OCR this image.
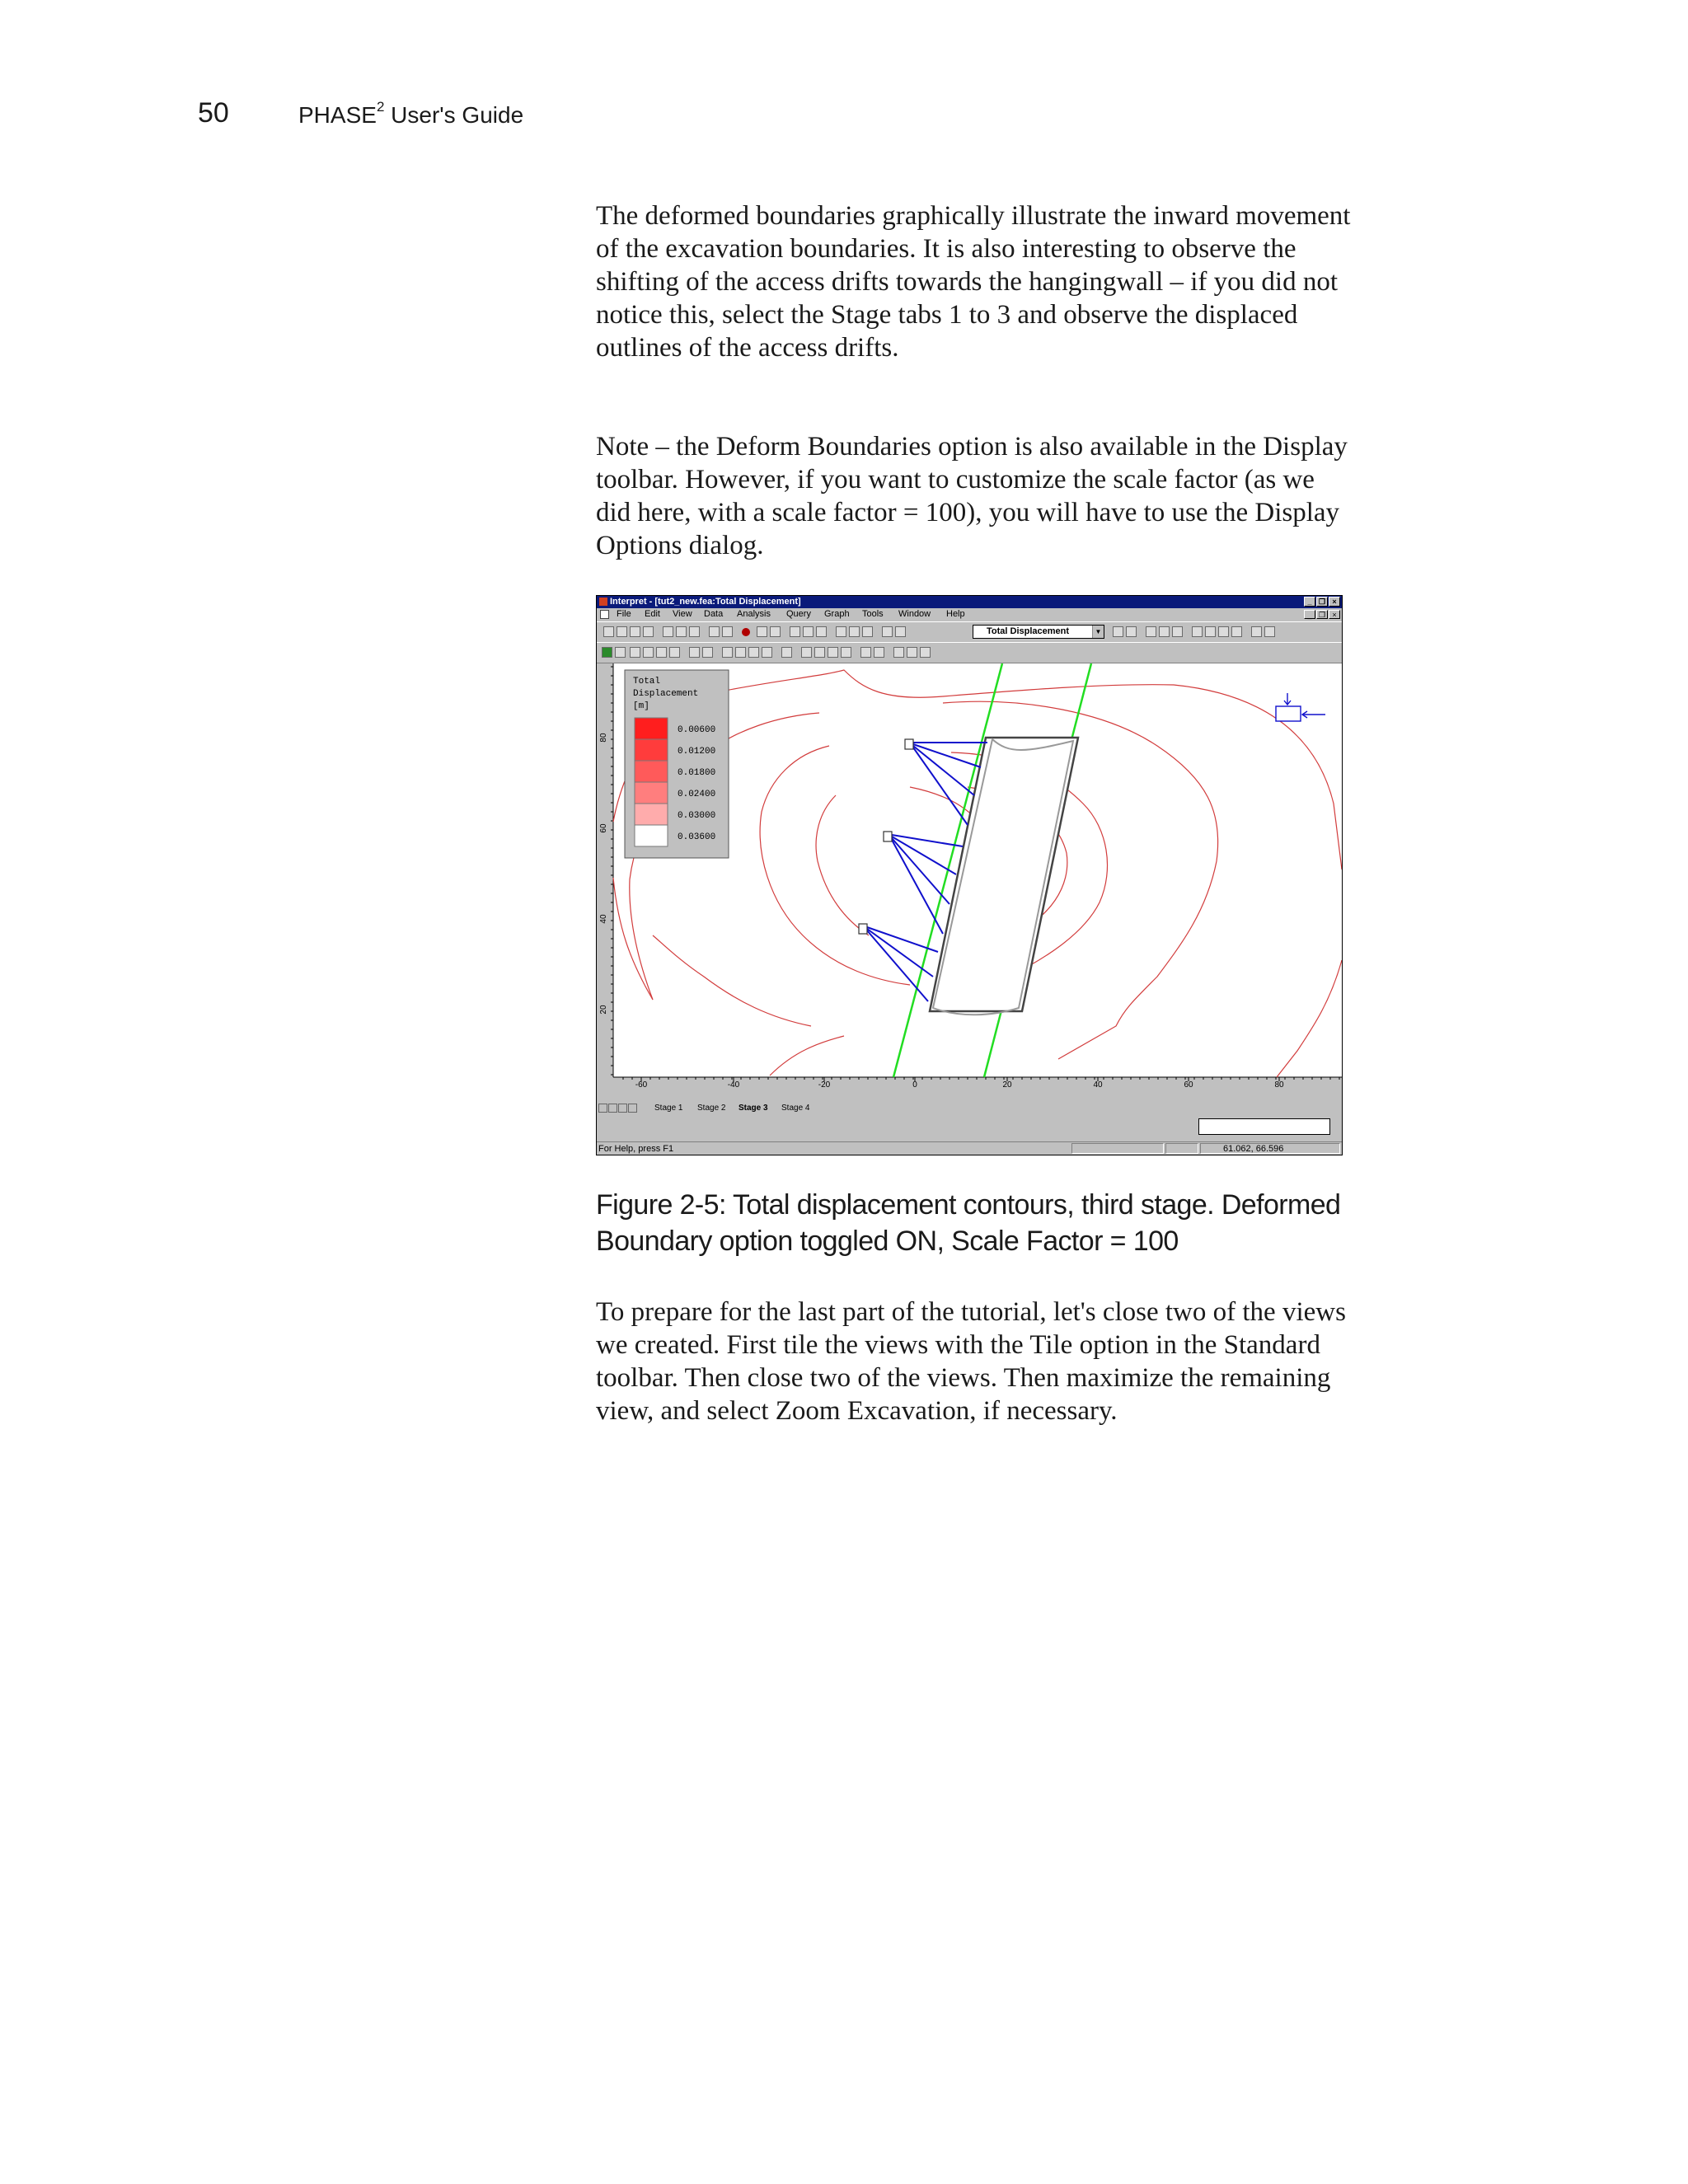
50	PHASE$^2$ User's Guide

The deformed boundaries graphically illustrate the inward movement of the excavation boundaries. It is also interesting to observe the shifting of the access drifts towards the hangingwall – if you did not notice this, select the Stage tabs 1 to 3 and observe the displaced outlines of the access drifts.

Note – the Deform Boundaries option is also available in the Display toolbar. However, if you want to customize the scale factor (as we did here, with a scale factor = 100), you will have to use the Display Options dialog.

Interpret - [tut2_new.fea:Total Displacement]	_ ❐ ×
File Edit View Data Analysis Query Graph Tools Window Help	_ ❐ ×
Total Displacement	▼
Total
Displacement
[m]
0.00600
0.01200
0.01800
0.02400
0.03000
0.03600
-60	-40	-20	0	20	40	60	80
80
60
40
20
Stage 1 Stage 2 Stage 3 Stage 4
For Help, press F1	61.062, 66.596

Figure 2-5: Total displacement contours, third stage. Deformed Boundary option toggled ON, Scale Factor = 100

To prepare for the last part of the tutorial, let's close two of the views we created. First tile the views with the Tile option in the Standard toolbar. Then close two of the views. Then maximize the remaining view, and select Zoom Excavation, if necessary.
